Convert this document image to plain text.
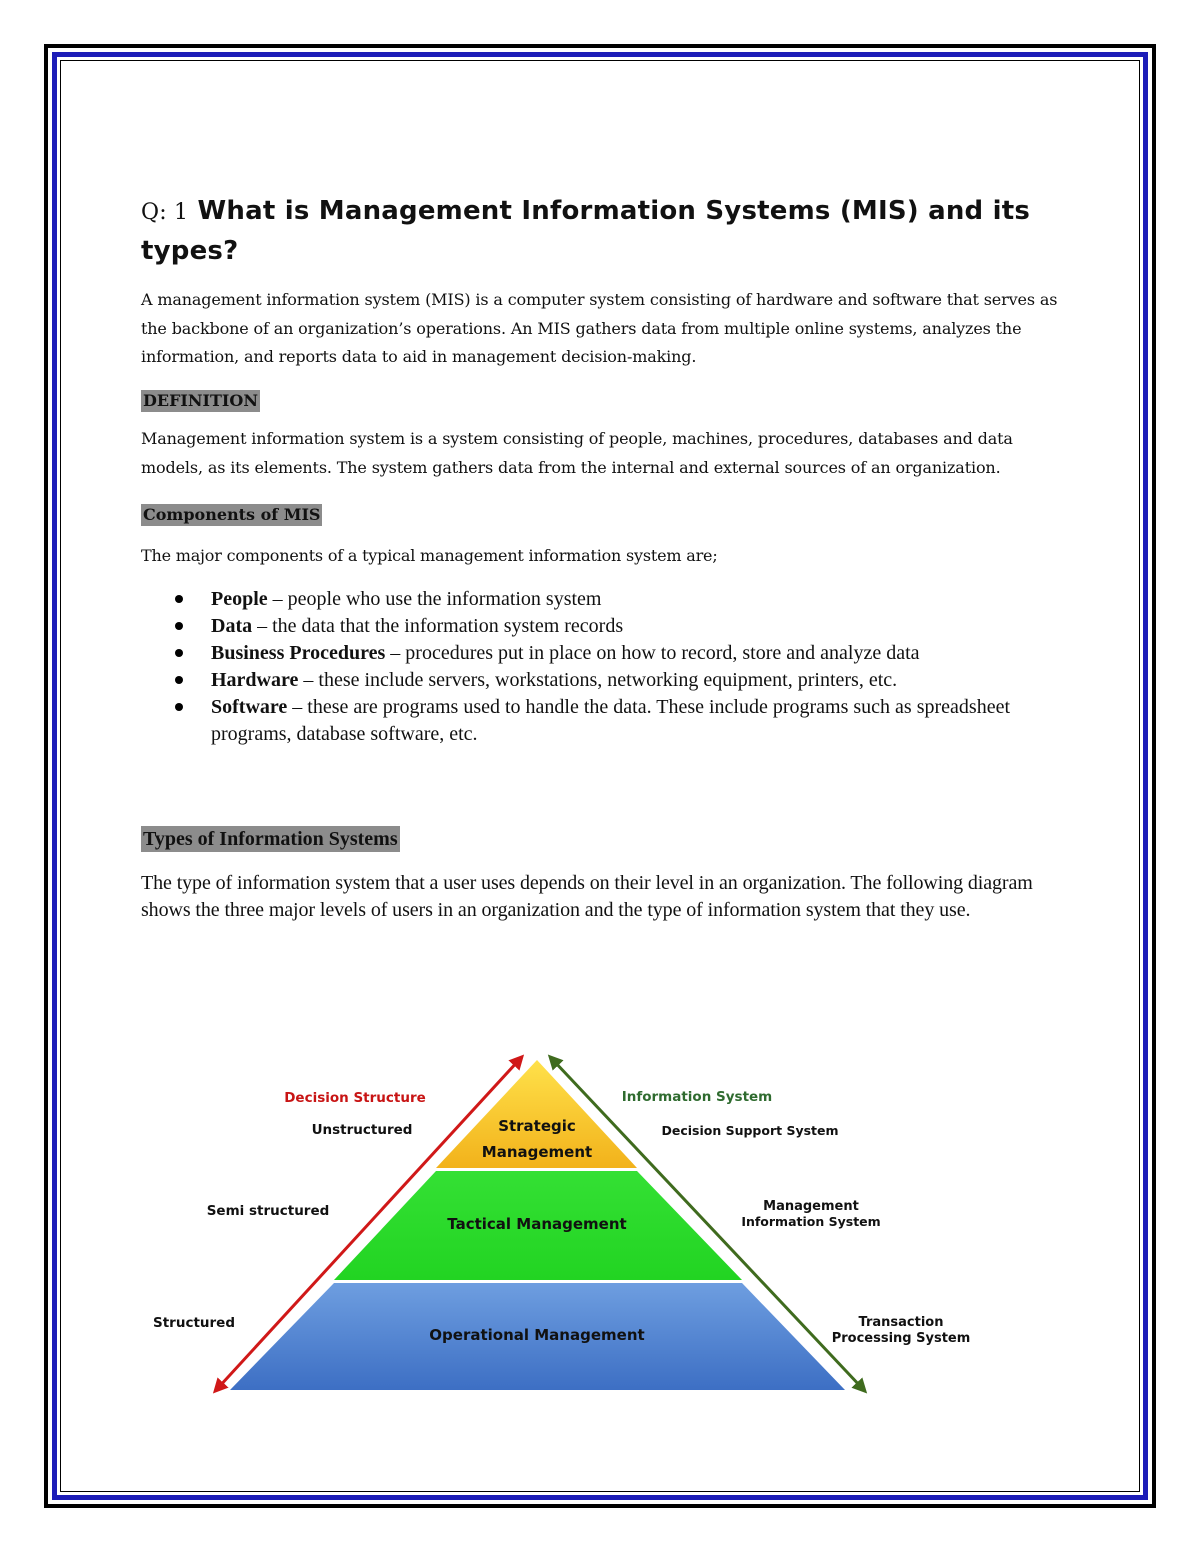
Q: 1 What is Management Information Systems (MIS) and its types?

A management information system (MIS) is a computer system consisting of hardware and software that serves as the backbone of an organization’s operations. An MIS gathers data from multiple online systems, analyzes the information, and reports data to aid in management decision-making.

DEFINITION

Management information system is a system consisting of people, machines, procedures, databases and data models, as its elements. The system gathers data from the internal and external sources of an organization.

Components of MIS

The major components of a typical management information system are;

People – people who use the information system
Data – the data that the information system records
Business Procedures – procedures put in place on how to record, store and analyze data
Hardware – these include servers, workstations, networking equipment, printers, etc.
Software – these are programs used to handle the data. These include programs such as spreadsheet programs, database software, etc.
Types of Information Systems

The type of information system that a user uses depends on their level in an organization. The following diagram shows the three major levels of users in an organization and the type of information system that they use.

Strategic
Management
Tactical Management
Operational Management
Decision Structure
Unstructured
Semi structured
Structured
Information System
Decision Support System
Management
Information System
Transaction
Processing System
